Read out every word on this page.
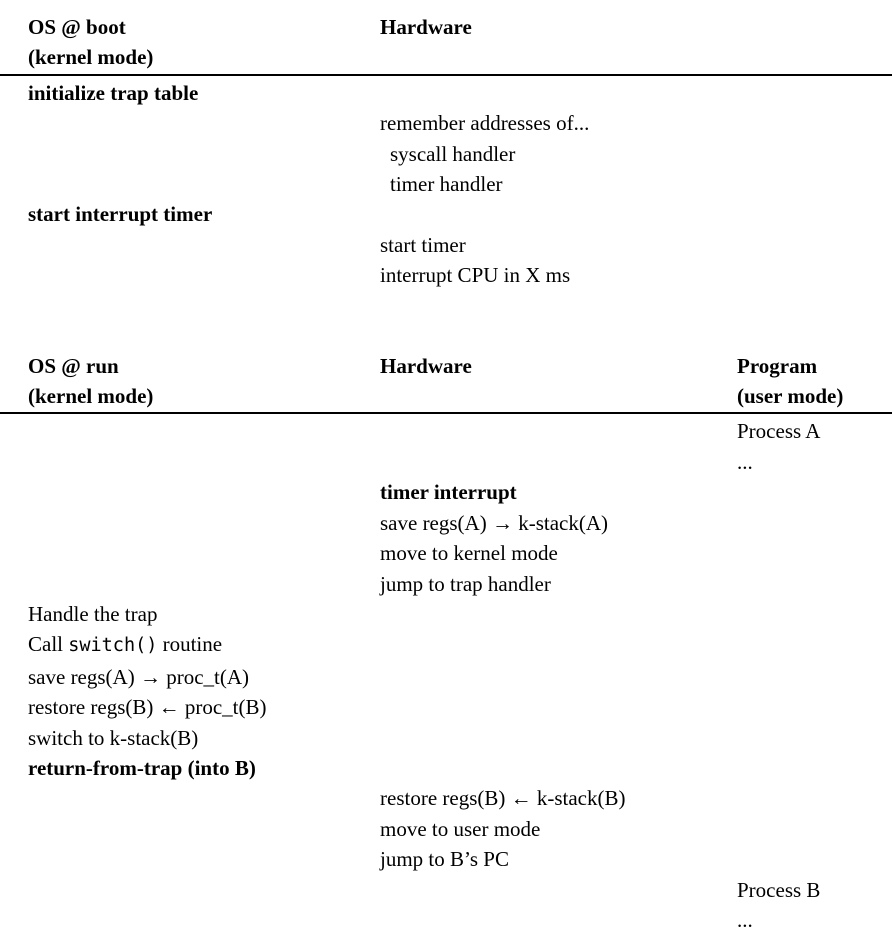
OS @ boot
(kernel mode)
Hardware
initialize trap table

remember addresses of...

syscall handler

timer handler

start interrupt timer

start timer

interrupt CPU in X ms

OS @ run
(kernel mode)
Hardware	Program
(user mode)

Process A

...

timer interrupt

save regs(A) → k-stack(A)

move to kernel mode

jump to trap handler

Handle the trap

Call switch() routine

save regs(A) → proc_t(A)

restore regs(B) ← proc_t(B)

switch to k-stack(B)

return-from-trap (into B)

restore regs(B) ← k-stack(B)

move to user mode

jump to B’s PC

Process B

...
